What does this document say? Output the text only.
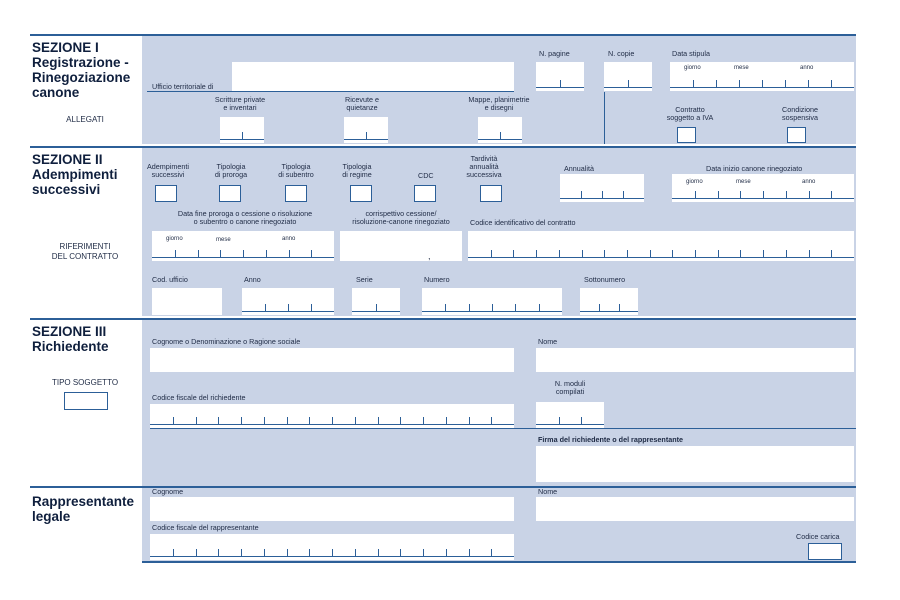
SEZIONE I
Registrazione -
Rinegoziazione
canone
ALLEGATI
Ufficio territoriale di
N. pagine	N. copie	Data stipula
giorno	mese	anno
Scritture private
e inventari
Ricevute e
quietanze
Mappe, planimetrie
e disegni	Contratto
soggetto a IVA
Condizione
sospensiva
SEZIONE II
Adempimenti
successivi
Adempimenti
successivi
Tipologia
di proroga
Tipologia
di subentro
Tipologia
di regime	CDC
Tardività
annualità
successiva
Annualità	Data inizio canone rinegoziato
giorno	mese	anno
Data fine proroga o cessione o risoluzione
o subentro o canone rinegoziato
giorno	mese	anno
corrispettivo cessione/
risoluzione-canone rinegoziato
,
Codice identificativo del contratto
RIFERIMENTI
DEL CONTRATTO
Cod. ufficio	Anno	Serie	Numero	Sottonumero
SEZIONE III
Richiedente
TIPO SOGGETTO
Cognome o Denominazione o Ragione sociale	Nome
Codice fiscale del richiedente
N. moduli
compilati
Firma del richiedente o del rappresentante
Rappresentante
legale
Cognome	Nome
Codice fiscale del rappresentante
Codice carica
